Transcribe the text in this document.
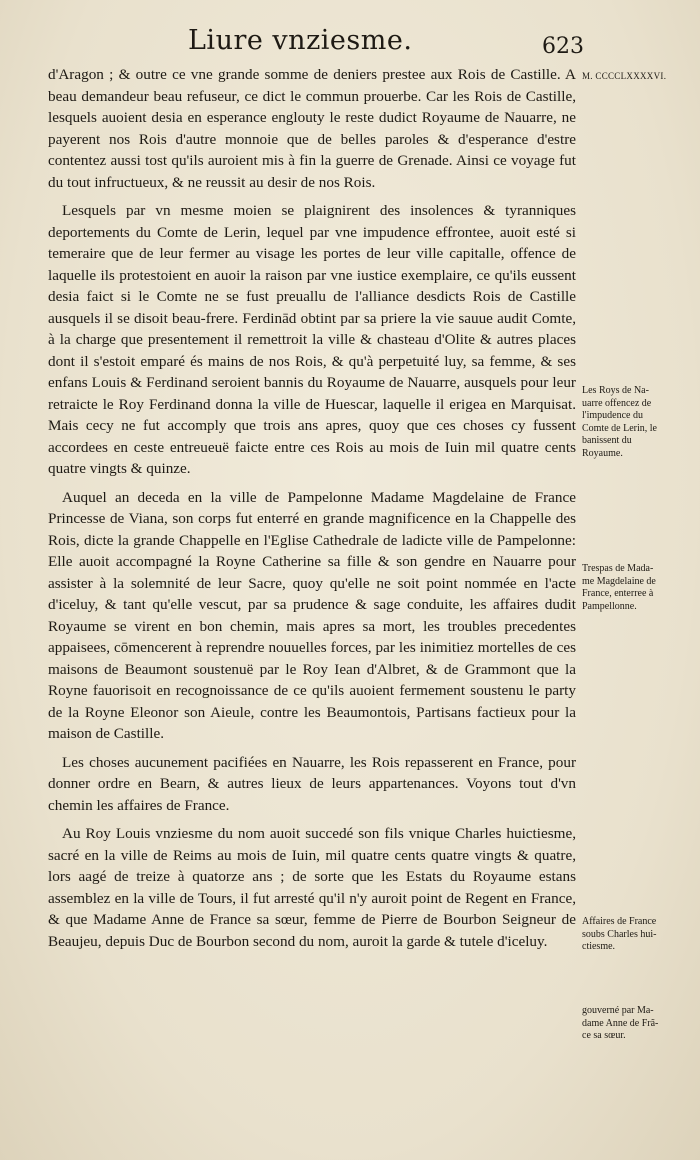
Liure vnziesme.	623
M. CCCCLXXXXVI.
Les Roys de Na-
uarre offencez de
l'impudence du
Comte de Lerin, le
banissent du
Royaume.
Trespas de Mada-
me Magdelaine de
France, enterree à
Pampellonne.
Affaires de France
soubs Charles hui-
ctiesme.
gouverné par Ma-
dame Anne de Frã-
ce sa sœur.

d'Aragon ; & outre ce vne grande somme de deniers prestee aux Rois de Castille. A beau demandeur beau refuseur, ce dict le commun prouerbe. Car les Rois de Castille, lesquels auoient desia en esperance englouty le reste dudict Royaume de Nauarre, ne payerent nos Rois d'autre monnoie que de belles paroles & d'esperance d'estre contentez aussi tost qu'ils auroient mis à fin la guerre de Grenade. Ainsi ce voyage fut du tout infructueux, & ne reussit au desir de nos Rois.

Lesquels par vn mesme moien se plaignirent des insolences & tyranniques deportements du Comte de Lerin, lequel par vne impudence effrontee, auoit esté si temeraire que de leur fermer au visage les portes de leur ville capitalle, offence de laquelle ils protestoient en auoir la raison par vne iustice exemplaire, ce qu'ils eussent desia faict si le Comte ne se fust preuallu de l'alliance desdicts Rois de Castille ausquels il se disoit beau-frere. Ferdinād obtint par sa priere la vie sauue audit Comte, à la charge que presentement il remettroit la ville & chasteau d'Olite & autres places dont il s'estoit emparé és mains de nos Rois, & qu'à perpetuité luy, sa femme, & ses enfans Louis & Ferdinand seroient bannis du Royaume de Nauarre, ausquels pour leur retraicte le Roy Ferdinand donna la ville de Huescar, laquelle il erigea en Marquisat. Mais cecy ne fut accomply que trois ans apres, quoy que ces choses cy fussent accordees en ceste entreueuë faicte entre ces Rois au mois de Iuin mil quatre cents quatre vingts & quinze.

Auquel an deceda en la ville de Pampelonne Madame Magdelaine de France Princesse de Viana, son corps fut enterré en grande magnificence en la Chappelle des Rois, dicte la grande Chappelle en l'Eglise Cathedrale de ladicte ville de Pampelonne: Elle auoit accompagné la Royne Catherine sa fille & son gendre en Nauarre pour assister à la solemnité de leur Sacre, quoy qu'elle ne soit point nommée en l'acte d'iceluy, & tant qu'elle vescut, par sa prudence & sage conduite, les affaires dudit Royaume se virent en bon chemin, mais apres sa mort, les troubles precedentes appaisees, cōmencerent à reprendre nouuelles forces, par les inimitiez mortelles de ces maisons de Beaumont soustenuë par le Roy Iean d'Albret, & de Grammont que la Royne fauorisoit en recognoissance de ce qu'ils auoient fermement soustenu le party de la Royne Eleonor son Aieule, contre les Beaumontois, Partisans factieux pour la maison de Castille.

Les choses aucunement pacifiées en Nauarre, les Rois repasserent en France, pour donner ordre en Bearn, & autres lieux de leurs appartenances. Voyons tout d'vn chemin les affaires de France.

Au Roy Louis vnziesme du nom auoit succedé son fils vnique Charles huictiesme, sacré en la ville de Reims au mois de Iuin, mil quatre cents quatre vingts & quatre, lors aagé de treize à quatorze ans ; de sorte que les Estats du Royaume estans assemblez en la ville de Tours, il fut arresté qu'il n'y auroit point de Regent en France, & que Madame Anne de France sa sœur, femme de Pierre de Bourbon Seigneur de Beaujeu, depuis Duc de Bourbon second du nom, auroit la garde & tutele d'iceluy.
